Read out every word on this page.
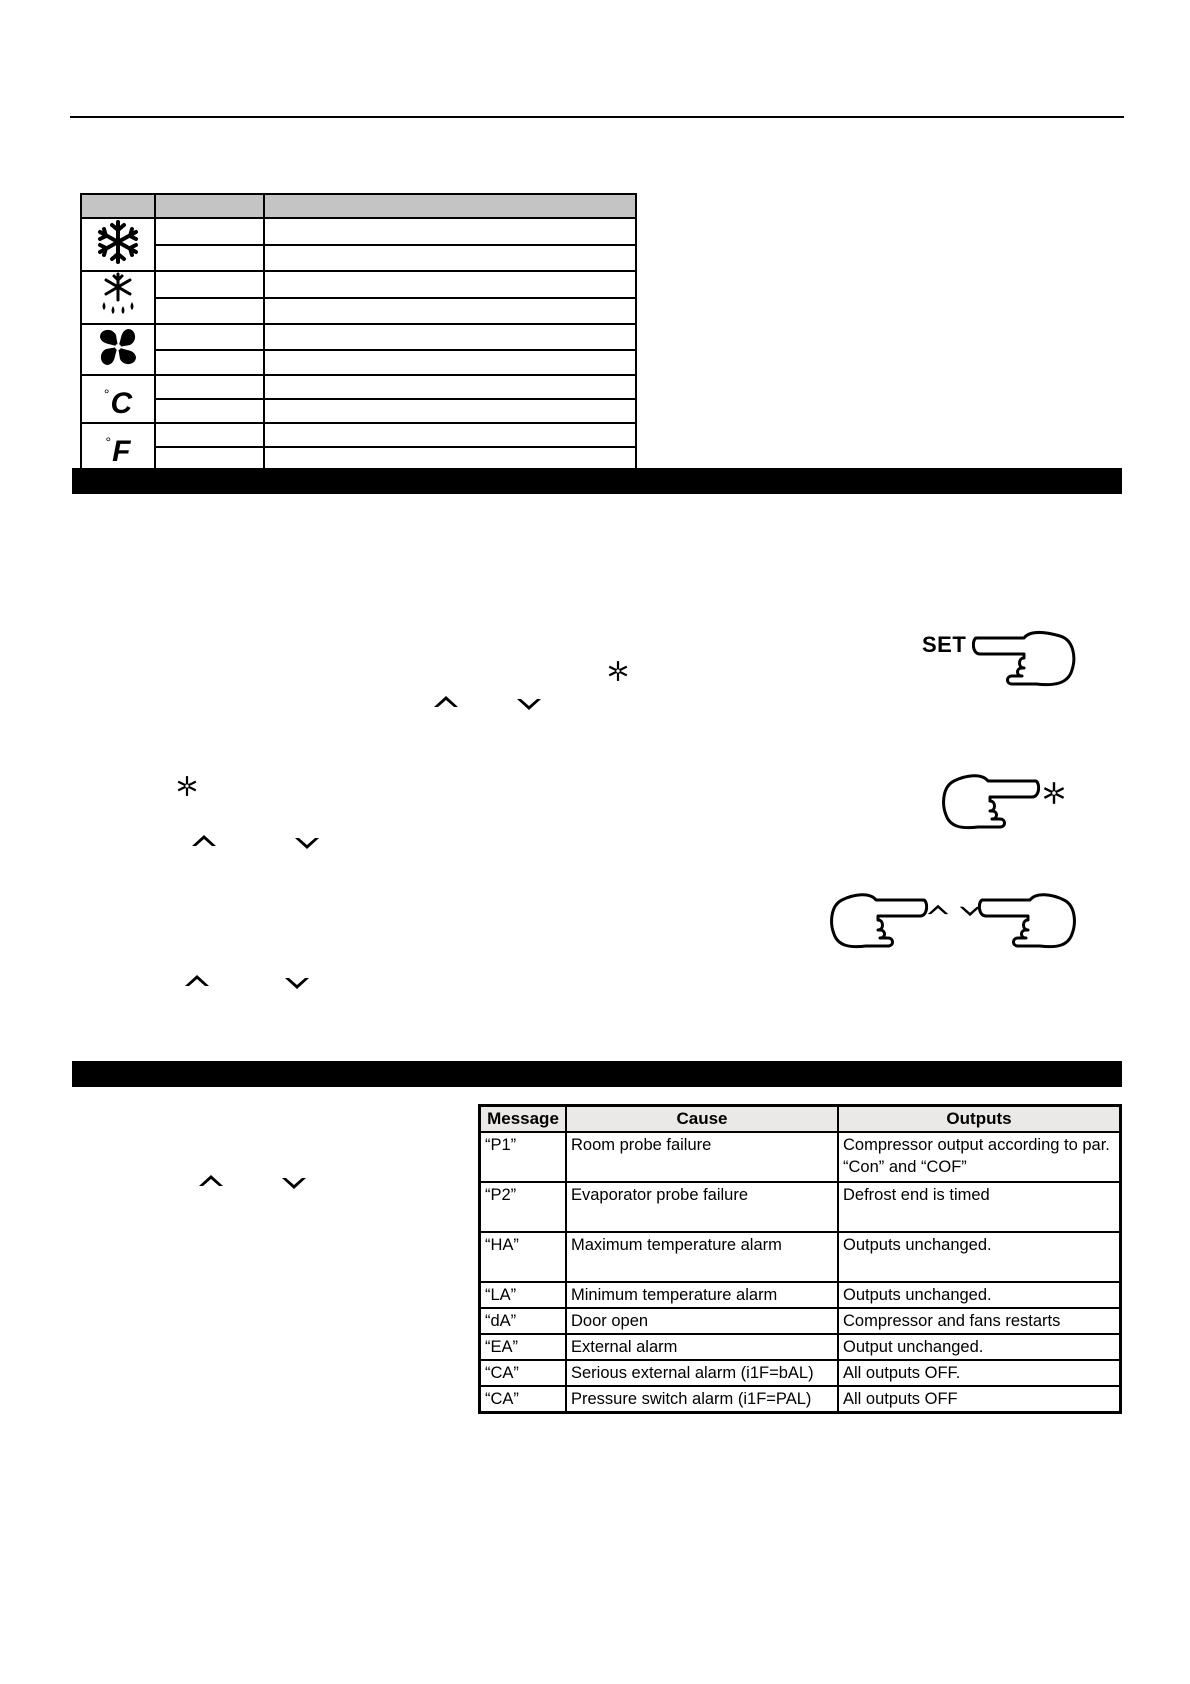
°C		

°F		

SET
Message	Cause	Outputs
“P1”	Room probe failure	Compressor output according to par.
“Con” and “COF”
“P2”	Evaporator probe failure	Defrost end is timed
“HA”	Maximum temperature alarm	Outputs unchanged.
“LA”	Minimum temperature alarm	Outputs unchanged.
“dA”	Door open	Compressor and fans restarts
“EA”	External alarm	Output unchanged.
“CA”	Serious external alarm (i1F=bAL)	All outputs OFF.
“CA”	Pressure switch alarm (i1F=PAL)	All outputs OFF
